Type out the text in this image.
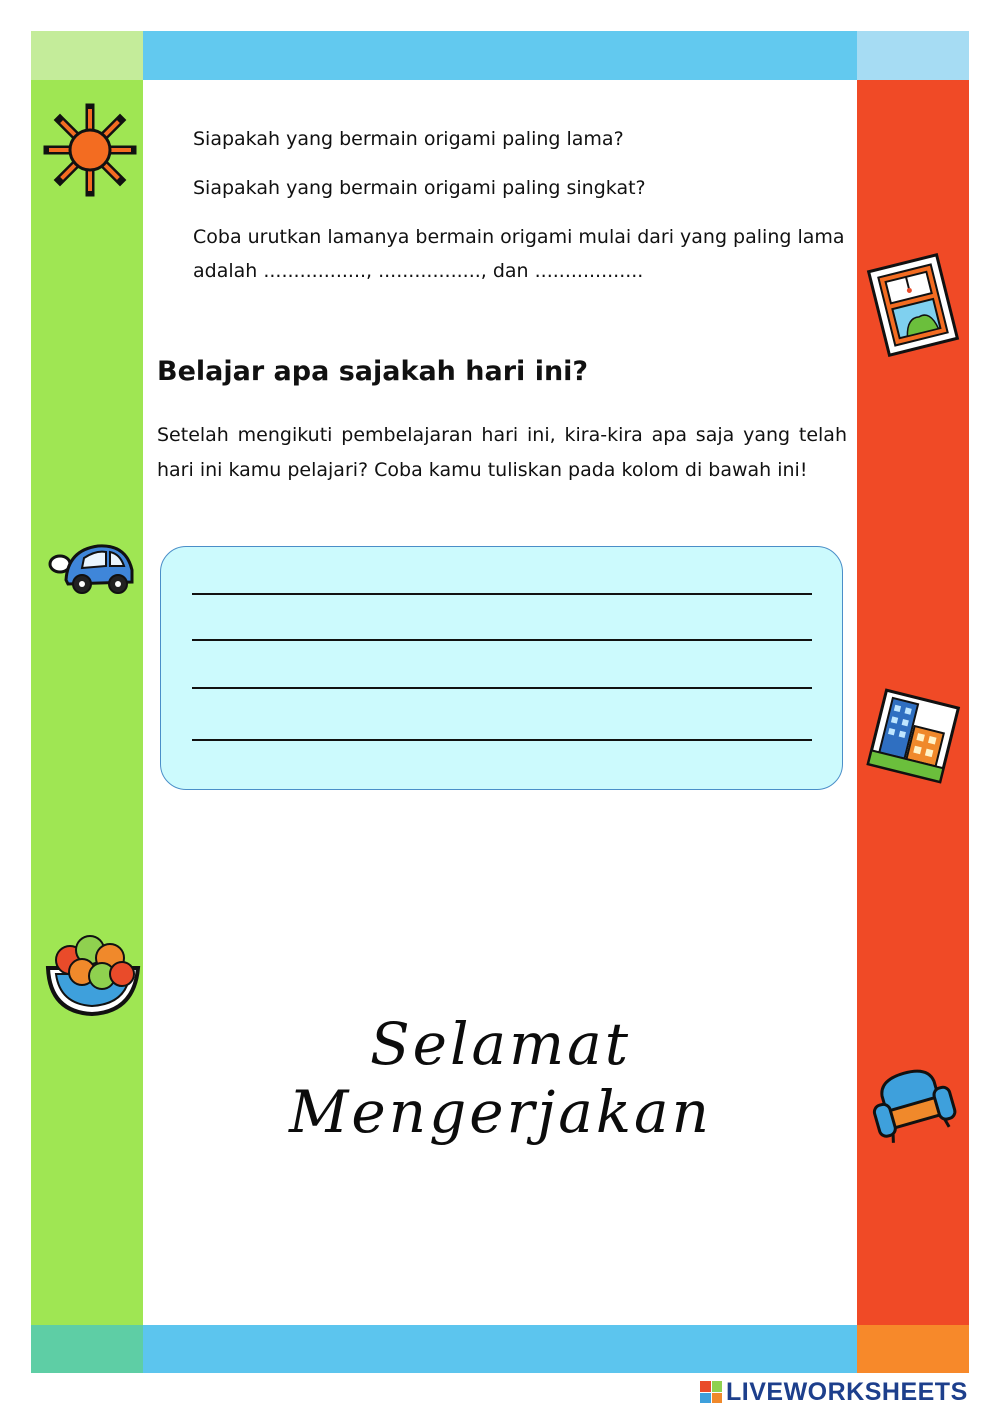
Siapakah yang bermain origami paling lama?
Siapakah yang bermain origami paling singkat?
Coba urutkan lamanya bermain origami mulai dari yang paling lama adalah ................., ................., dan ..................
Belajar apa sajakah hari ini?
Setelah mengikuti pembelajaran hari ini, kira-kira apa saja yang telah hari ini kamu pelajari? Coba kamu tuliskan pada kolom di bawah ini!
Selamat Mengerjakan
LIVEWORKSHEETS
